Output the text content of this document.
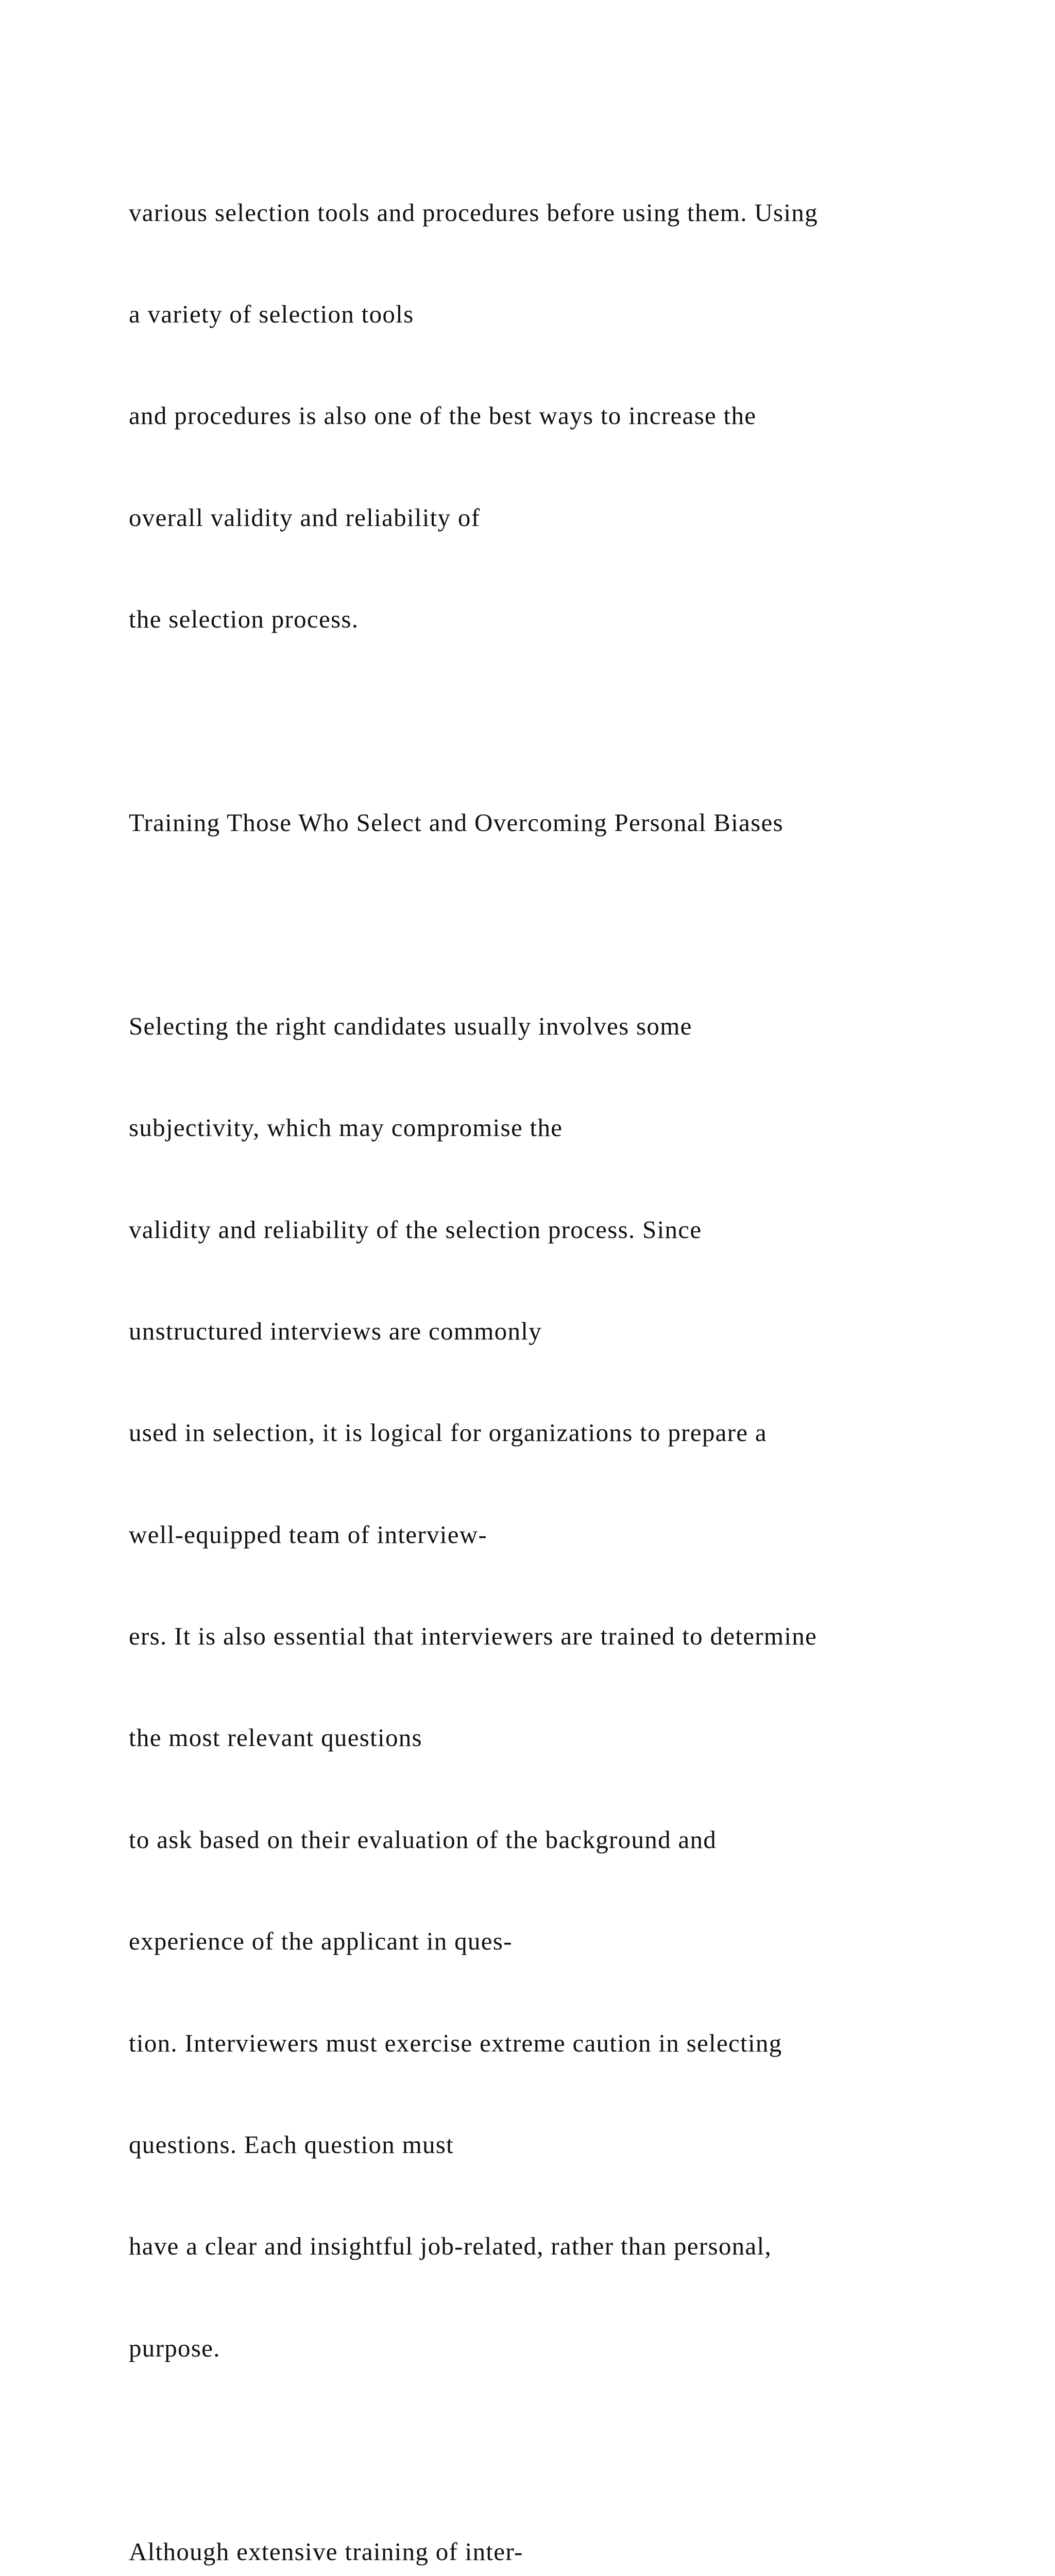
various selection tools and procedures before using them. Using

a variety of selection tools

and procedures is also one of the best ways to increase the

overall validity and reliability of

the selection process.

Training Those Who Select and Overcoming Personal Biases

Selecting the right candidates usually involves some

subjectivity, which may compromise the

validity and reliability of the selection process. Since

unstructured interviews are commonly

used in selection, it is logical for organizations to prepare a

well-equipped team of interview-

ers. It is also essential that interviewers are trained to determine

the most relevant questions

to ask based on their evaluation of the background and

experience of the applicant in ques-

tion. Interviewers must exercise extreme caution in selecting

questions. Each question must

have a clear and insightful job-related, rather than personal,

purpose.

Although extensive training of inter-
